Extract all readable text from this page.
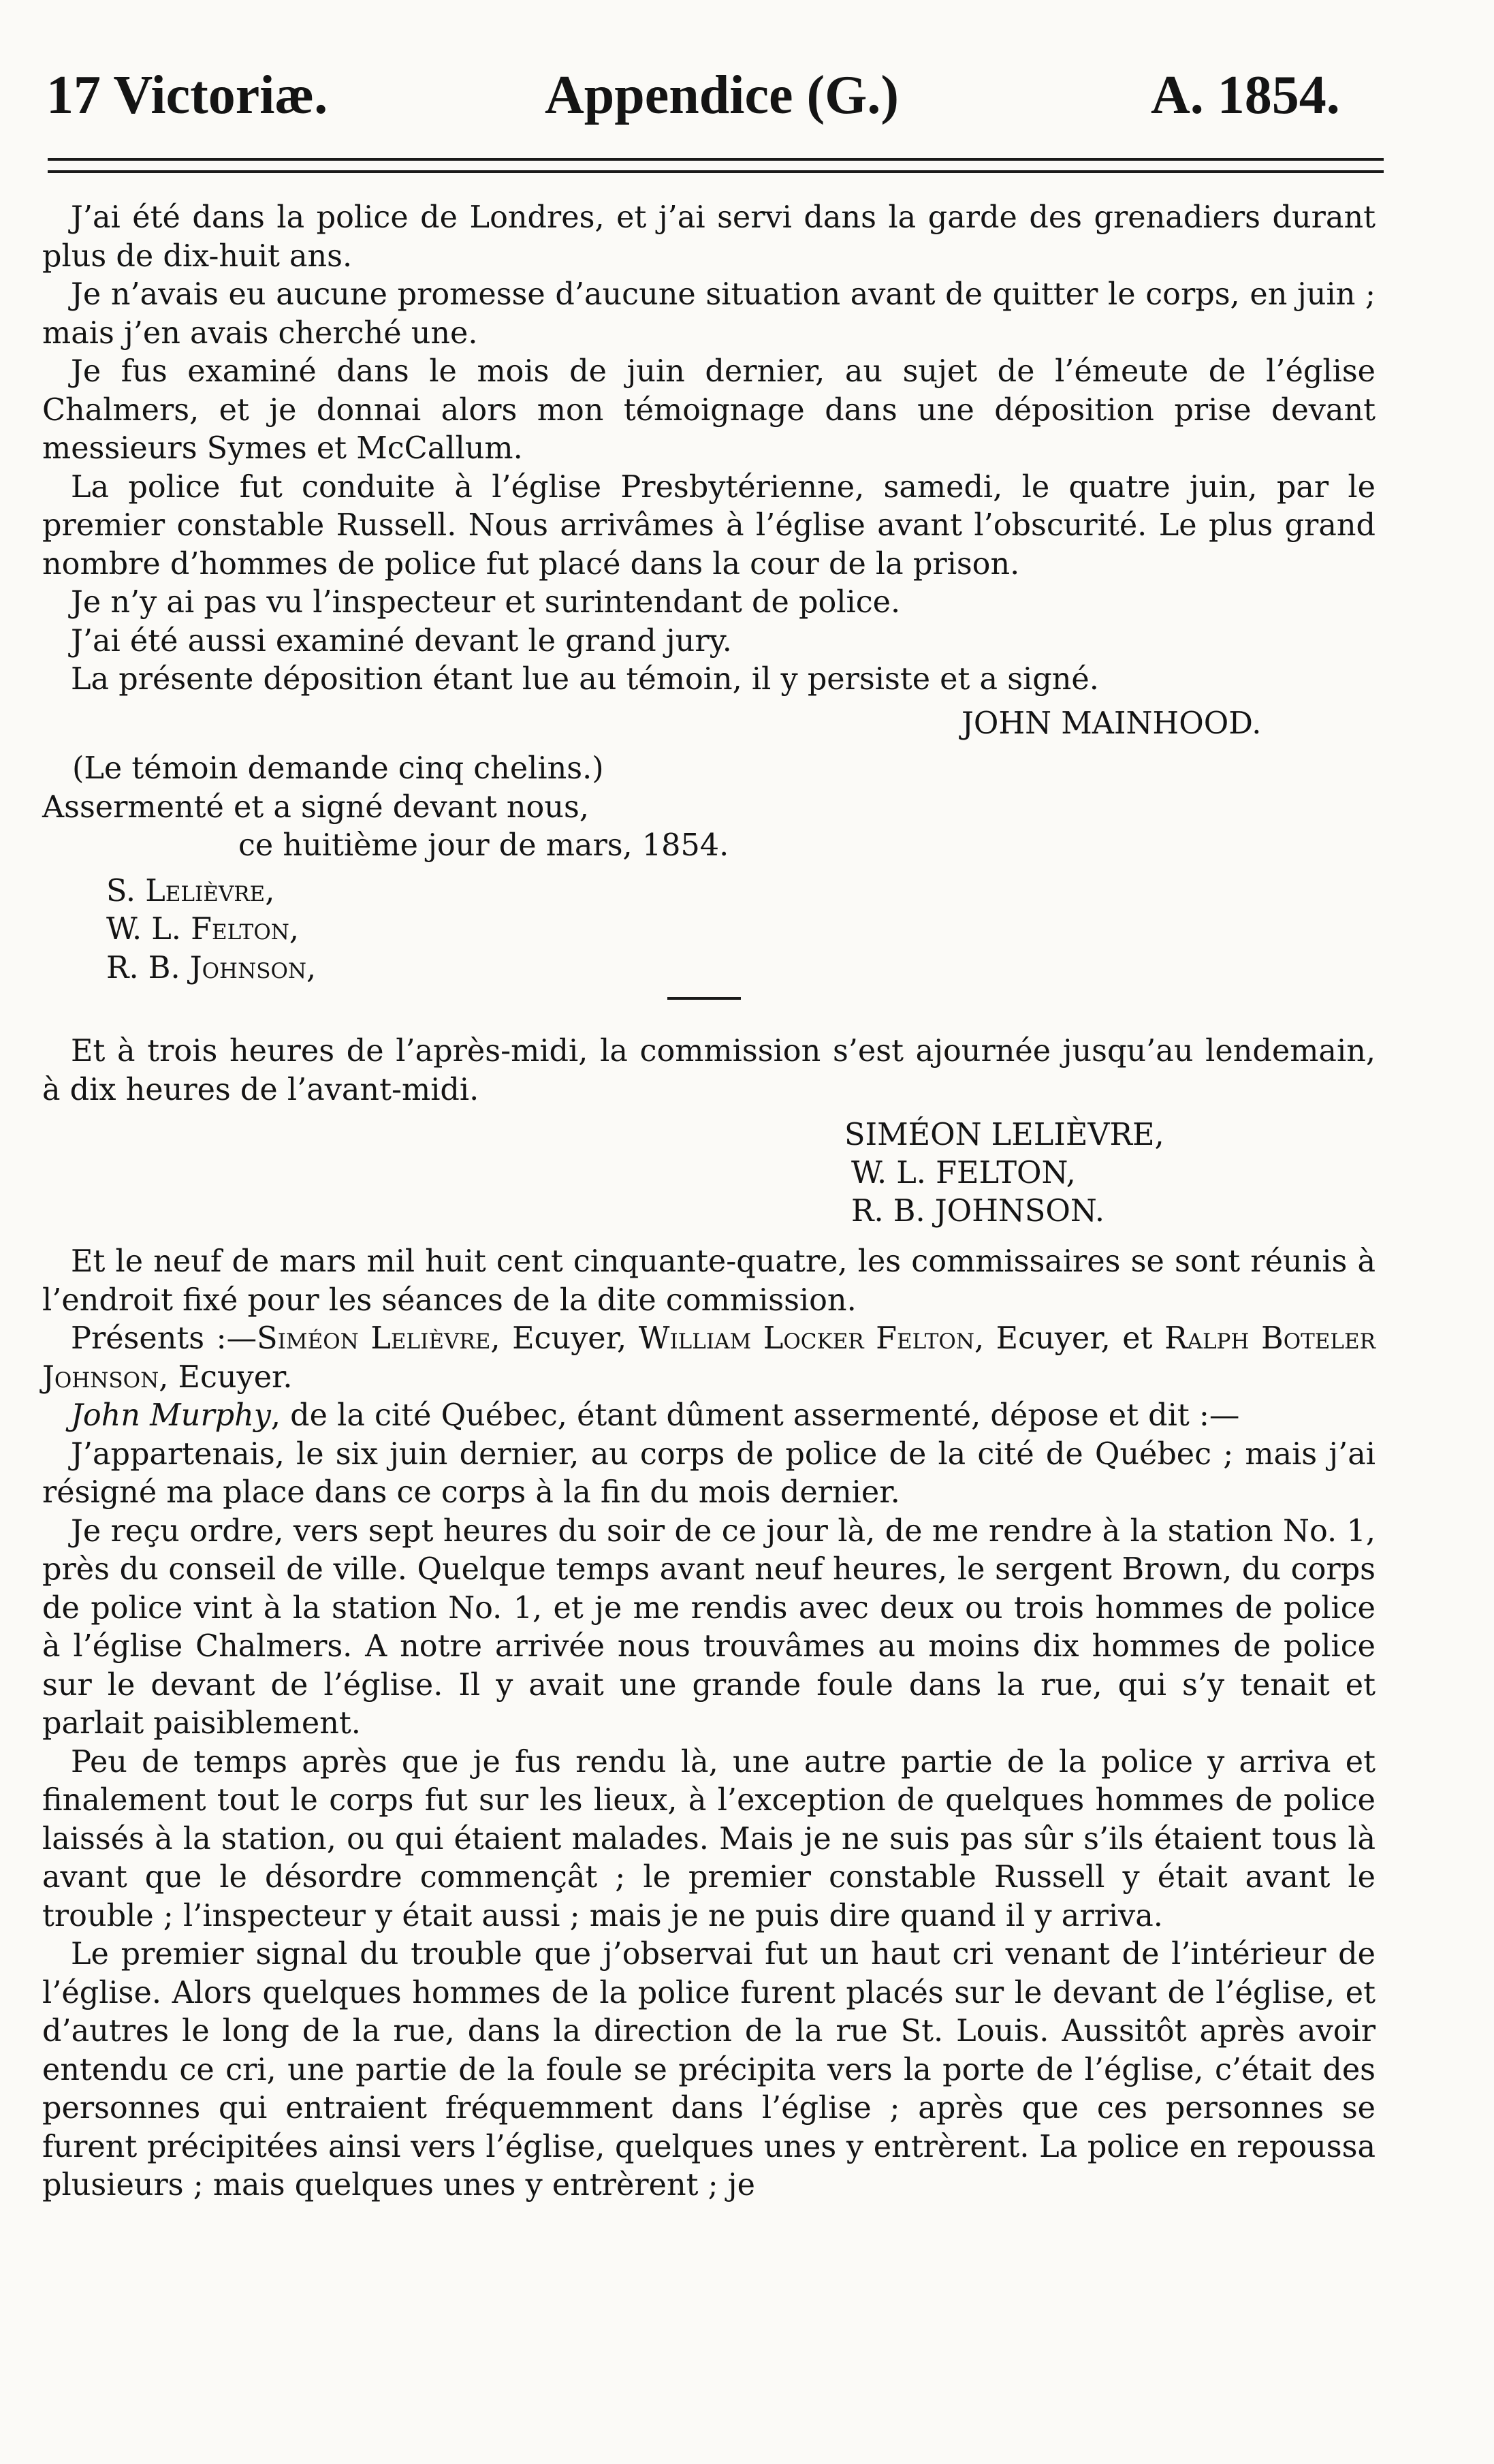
17 Victoriæ.	Appendice (G.)	A. 1854.

J’ai été dans la police de Londres, et j’ai servi dans la garde des grenadiers durant plus de dix-huit ans.

Je n’avais eu aucune promesse d’aucune situation avant de quitter le corps, en juin ; mais j’en avais cherché une.

Je fus examiné dans le mois de juin dernier, au sujet de l’émeute de l’église Chalmers, et je donnai alors mon témoignage dans une déposition prise devant messieurs Symes et McCallum.

La police fut conduite à l’église Presbytérienne, samedi, le quatre juin, par le premier constable Russell. Nous arrivâmes à l’église avant l’obscurité. Le plus grand nombre d’hommes de police fut placé dans la cour de la prison.

Je n’y ai pas vu l’inspecteur et surintendant de police.

J’ai été aussi examiné devant le grand jury.

La présente déposition étant lue au témoin, il y persiste et a signé.

JOHN MAINHOOD.

(Le témoin demande cinq chelins.)

Assermenté et a signé devant nous,

ce huitième jour de mars, 1854.

S. Lelièvre,

W. L. Felton,

R. B. Johnson,

Et à trois heures de l’après-midi, la commission s’est ajournée jusqu’au lendemain, à dix heures de l’avant-midi.

SIMÉON LELIÈVRE,
W. L. FELTON,
R. B. JOHNSON.

Et le neuf de mars mil huit cent cinquante-quatre, les commissaires se sont réunis à l’endroit fixé pour les séances de la dite commission.

Présents :—Siméon Lelièvre, Ecuyer, William Locker Felton, Ecuyer, et Ralph Boteler Johnson, Ecuyer.

John Murphy, de la cité Québec, étant dûment assermenté, dépose et dit :—

J’appartenais, le six juin dernier, au corps de police de la cité de Québec ; mais j’ai résigné ma place dans ce corps à la fin du mois dernier.

Je reçu ordre, vers sept heures du soir de ce jour là, de me rendre à la station No. 1, près du conseil de ville. Quelque temps avant neuf heures, le sergent Brown, du corps de police vint à la station No. 1, et je me rendis avec deux ou trois hommes de police à l’église Chalmers. A notre arrivée nous trouvâmes au moins dix hommes de police sur le devant de l’église. Il y avait une grande foule dans la rue, qui s’y tenait et parlait paisiblement.

Peu de temps après que je fus rendu là, une autre partie de la police y arriva et finalement tout le corps fut sur les lieux, à l’exception de quelques hommes de police laissés à la station, ou qui étaient malades. Mais je ne suis pas sûr s’ils étaient tous là avant que le désordre commençât ; le premier constable Russell y était avant le trouble ; l’inspecteur y était aussi ; mais je ne puis dire quand il y arriva.

Le premier signal du trouble que j’observai fut un haut cri venant de l’intérieur de l’église. Alors quelques hommes de la police furent placés sur le devant de l’église, et d’autres le long de la rue, dans la direction de la rue St. Louis. Aussitôt après avoir entendu ce cri, une partie de la foule se précipita vers la porte de l’église, c’était des personnes qui entraient fréquemment dans l’église ; après que ces personnes se furent précipitées ainsi vers l’église, quelques unes y entrèrent. La police en repoussa plusieurs ; mais quelques unes y entrèrent ; je
